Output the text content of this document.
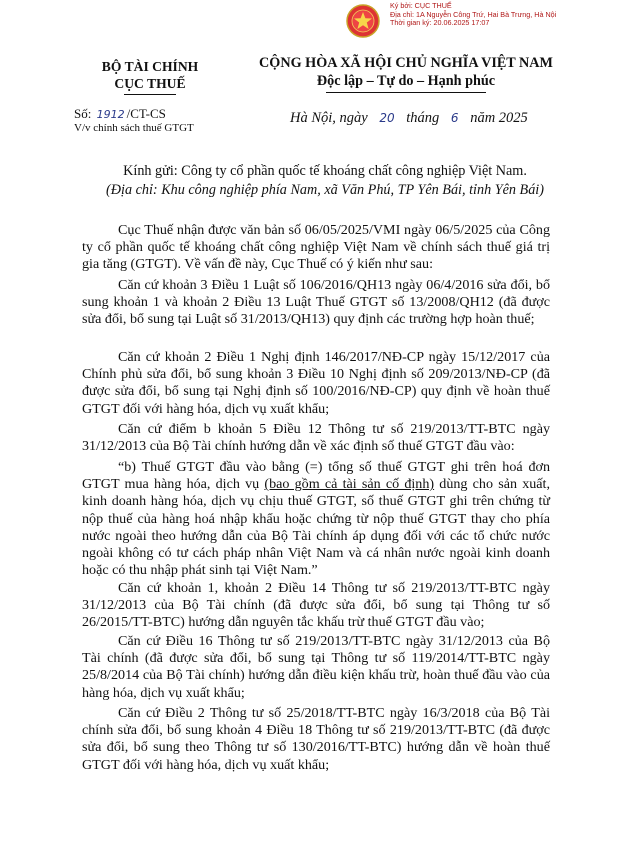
Ký bởi: CỤC THUẾ
Địa chỉ: 1A Nguyễn Công Trứ, Hai Bà Trưng, Hà Nội
Thời gian ký: 20.06.2025 17:07
BỘ TÀI CHÍNH
CỤC THUẾ
Số: 1912 /CT-CS
V/v chính sách thuế GTGT
CỘNG HÒA XÃ HỘI CHỦ NGHĨA VIỆT NAM
Độc lập – Tự do – Hạnh phúc
Hà Nội, ngày 20 tháng 6 năm 2025
Kính gửi: Công ty cổ phần quốc tế khoáng chất công nghiệp Việt Nam.
(Địa chỉ: Khu công nghiệp phía Nam, xã Văn Phú, TP Yên Bái, tỉnh Yên Bái)

Cục Thuế nhận được văn bản số 06/05/2025/VMI ngày 06/5/2025 của Công ty cổ phần quốc tế khoáng chất công nghiệp Việt Nam về chính sách thuế giá trị gia tăng (GTGT). Về vấn đề này, Cục Thuế có ý kiến như sau:

Căn cứ khoản 3 Điều 1 Luật số 106/2016/QH13 ngày 06/4/2016 sửa đổi, bổ sung khoản 1 và khoản 2 Điều 13 Luật Thuế GTGT số 13/2008/QH12 (đã được sửa đổi, bổ sung tại Luật số 31/2013/QH13) quy định các trường hợp hoàn thuế;

Căn cứ khoản 2 Điều 1 Nghị định 146/2017/NĐ-CP ngày 15/12/2017 của Chính phủ sửa đổi, bổ sung khoản 3 Điều 10 Nghị định số 209/2013/NĐ-CP (đã được sửa đổi, bổ sung tại Nghị định số 100/2016/NĐ-CP) quy định về hoàn thuế GTGT đối với hàng hóa, dịch vụ xuất khẩu;

Căn cứ điểm b khoản 5 Điều 12 Thông tư số 219/2013/TT-BTC ngày 31/12/2013 của Bộ Tài chính hướng dẫn về xác định số thuế GTGT đầu vào:

“b) Thuế GTGT đầu vào bằng (=) tổng số thuế GTGT ghi trên hoá đơn GTGT mua hàng hóa, dịch vụ (bao gồm cả tài sản cố định) dùng cho sản xuất, kinh doanh hàng hóa, dịch vụ chịu thuế GTGT, số thuế GTGT ghi trên chứng từ nộp thuế của hàng hoá nhập khẩu hoặc chứng từ nộp thuế GTGT thay cho phía nước ngoài theo hướng dẫn của Bộ Tài chính áp dụng đối với các tổ chức nước ngoài không có tư cách pháp nhân Việt Nam và cá nhân nước ngoài kinh doanh hoặc có thu nhập phát sinh tại Việt Nam.”

Căn cứ khoản 1, khoản 2 Điều 14 Thông tư số 219/2013/TT-BTC ngày 31/12/2013 của Bộ Tài chính (đã được sửa đổi, bổ sung tại Thông tư số 26/2015/TT-BTC) hướng dẫn nguyên tắc khấu trừ thuế GTGT đầu vào;

Căn cứ Điều 16 Thông tư số 219/2013/TT-BTC ngày 31/12/2013 của Bộ Tài chính (đã được sửa đổi, bổ sung tại Thông tư số 119/2014/TT-BTC ngày 25/8/2014 của Bộ Tài chính) hướng dẫn điều kiện khấu trừ, hoàn thuế đầu vào của hàng hóa, dịch vụ xuất khẩu;

Căn cứ Điều 2 Thông tư số 25/2018/TT-BTC ngày 16/3/2018 của Bộ Tài chính sửa đổi, bổ sung khoản 4 Điều 18 Thông tư số 219/2013/TT-BTC (đã được sửa đổi, bổ sung theo Thông tư số 130/2016/TT-BTC) hướng dẫn về hoàn thuế GTGT đối với hàng hóa, dịch vụ xuất khẩu;
